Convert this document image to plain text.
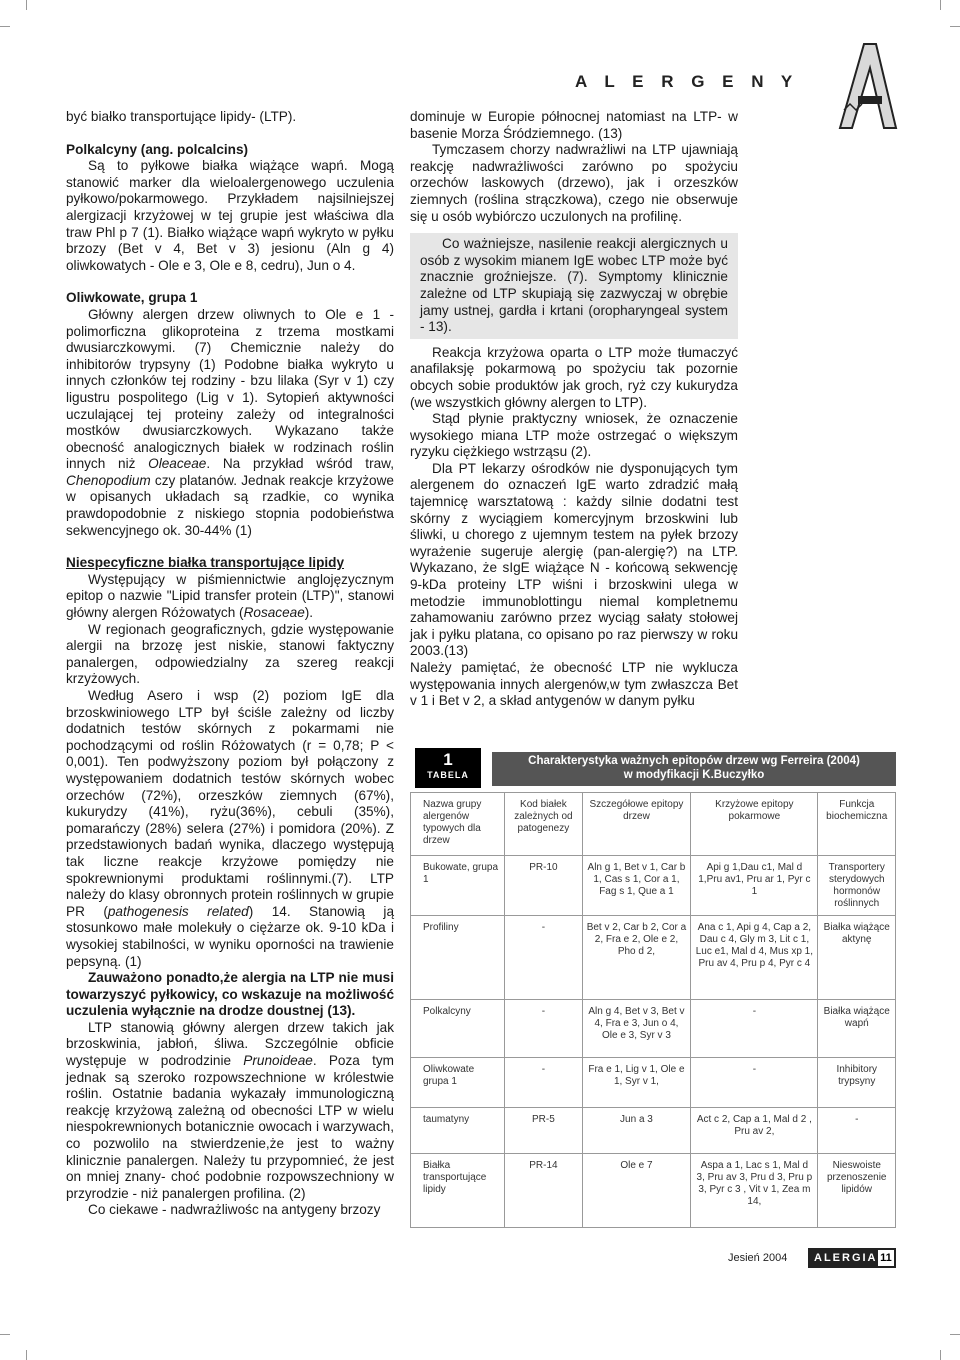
A L E R G E N Y

być białko transportujące lipidy- (LTP).

Polkalcyny (ang. polcalcins)

Są to pyłkowe białka wiążące wapń. Mogą stanowić marker dla wieloalergenowego uczulenia pyłkowo/pokarmowego. Przykładem najsilniejszej alergizacji krzyżowej w tej grupie jest właściwa dla traw Phl p 7 (1). Białko wiążące wapń wykryto w pyłku brzozy (Bet v 4, Bet v 3) jesionu (Aln g 4) oliwkowatych - Ole e 3, Ole e 8, cedru), Jun o 4.

Oliwkowate, grupa 1

Główny alergen drzew oliwnych to Ole e 1 - polimorficzna glikoproteina z trzema mostkami dwusiarczkowymi. (7) Chemicznie należy do inhibitorów trypsyny (1) Podobne białka wykryto u innych członków tej rodziny - bzu lilaka (Syr v 1) czy ligustru pospolitego (Lig v 1). Sytopień aktywności uczulającej tej proteiny zależy od integralności mostków dwusiarczkowych. Wykazano także obecność analogicznych białek w rodzinach roślin innych niż Oleaceae. Na przykład wśród traw, Chenopodium czy platanów. Jednak reakcje krzyżowe w opisanych układach są rzadkie, co wynika prawdopodobnie z niskiego stopnia podobieństwa sekwencyjnego ok. 30-44% (1)

Niespecyficzne białka transportujące lipidy

Występujący w piśmiennictwie anglojęzycznym epitop o nazwie "Lipid transfer protein (LTP)", stanowi główny alergen Różowatych (Rosaceae).

W regionach geograficznych, gdzie występowanie alergii na brzozę jest niskie, stanowi faktyczny panalergen, odpowiedzialny za szereg reakcji krzyżowych.

Według Asero i wsp (2) poziom IgE dla brzoskwiniowego LTP był ściśle zależny od liczby dodatnich testów skórnych z pokarmami nie pochodzącymi od roślin Różowatych (r = 0,78; P < 0,001). Ten podwyższony poziom był połączony z występowaniem dodatnich testów skórnych wobec orzechów (72%), orzeszków ziemnych (67%), kukurydzy (41%), ryżu(36%), cebuli (35%), pomarańczy (28%) selera (27%) i pomidora (20%). Z przedstawionych badań wynika, dlaczego występują tak liczne reakcje krzyżowe pomiędzy nie spokrewnionymi produktami roślinnymi.(7). LTP należy do klasy obronnych protein roślinnych w grupie PR (pathogenesis related) 14. Stanowią ją stosunkowo małe molekuły o ciężarze ok. 9-10 kDa i wysokiej stabilności, w wyniku oporności na trawienie pepsyną. (1)

Zauważono ponadto,że alergia na LTP nie musi towarzyszyć pyłkowicy, co wskazuje na możliwość uczulenia wyłącznie na drodze doustnej (13).

LTP stanowią główny alergen drzew takich jak brzoskwinia, jabłoń, śliwa. Szczególnie obficie występuje w podrodzinie Prunoideae. Poza tym jednak są szeroko rozpowszechnione w królestwie roślin. Ostatnie badania wykazały immunologiczną reakcję krzyżową zależną od obecności LTP w wielu niespokrewnionych botanicznie owocach i warzywach, co pozwolilo na stwierdzenie,że jest to ważny klinicznie panalergen. Należy tu przypomnieć, że jest on mniej znany- choć podobnie rozpowszechniony w przyrodzie - niż panalergen profilina. (2)

Co ciekawe - nadwrażliwośc na antygeny brzozy

dominuje w Europie północnej natomiast na LTP- w basenie Morza Śródziemnego. (13)

Tymczasem chorzy nadwrażliwi na LTP ujawniają reakcję nadwrażliwości zarówno po spożyciu orzechów laskowych (drzewo), jak i orzeszków ziemnych (roślina strączkowa), czego nie obserwuje się u osób wybiórczo uczulonych na profilinę.

Co ważniejsze, nasilenie reakcji alergicznych u osób z wysokim mianem IgE wobec LTP może być znacznie groźniejsze. (7). Symptomy klinicznie zależne od LTP skupiają się zazwyczaj w obrębie jamy ustnej, gardła i krtani (oropharyngeal system - 13).

Reakcja krzyżowa oparta o LTP może tłumaczyć anafilaksję pokarmową po spożyciu tak pozornie obcych sobie produktów jak groch, ryż czy kukurydza (we wszystkich główny alergen to LTP).

Stąd płynie praktyczny wniosek, że oznaczenie wysokiego miana LTP może ostrzegać o większym ryzyku ciężkiego wstrząsu (2).

Dla PT lekarzy ośrodków nie dysponujących tym alergenem do oznaczeń IgE warto zdradzić małą tajemnicę warsztatową : każdy silnie dodatni test skórny z wyciągiem komercyjnym brzoskwini lub śliwki, u chorego z ujemnym testem na pyłek brzozy wyrażenie sugeruje alergię (pan-alergię?) na LTP. Wykazano, że sIgE wiążące N - końcową sekwencję 9-kDa proteiny LTP wiśni i brzoskwini ulega w metodzie immunoblottingu niemal kompletnemu zahamowaniu zarówno przez wyciąg sałaty stołowej jak i pyłku platana, co opisano po raz pierwszy w roku 2003.(13)

Należy pamiętać, że obecność LTP nie wyklucza występowania innych alergenów,w tym zwłaszcza Bet v 1 i Bet v 2, a skład antygenów w danym pyłku

1
TABELA
Charakterystyka ważnych epitopów drzew wg Ferreira (2004)
w modyfikacji K.Buczyłko
Nazwa grupy alergenów typowych dla drzew	Kod białek zależnych od patogenezy	Szczegółowe epitopy drzew	Krzyżowe epitopy pokarmowe	Funkcja biochemiczna
Bukowate, grupa 1	PR-10	Aln g 1, Bet v 1, Car b 1, Cas s 1, Cor a 1, Fag s 1, Que a 1	Api g 1,Dau c1, Mal d 1,Pru av1, Pru ar 1, Pyr c 1	Transportery sterydowych hormonów roślinnych
Profiliny	-	Bet v 2, Car b 2, Cor a 2, Fra e 2, Ole e 2, Pho d 2,	Ana c 1, Api g 4, Cap a 2, Dau c 4, Gly m 3, Lit c 1, Luc e1, Mal d 4, Mus xp 1, Pru av 4, Pru p 4, Pyr c 4	Białka wiążące aktynę
Polkalcyny	-	Aln g 4, Bet v 3, Bet v 4, Fra e 3, Jun o 4, Ole e 3, Syr v 3	-	Białka wiążące wapń
Oliwkowate grupa 1	-	Fra e 1, Lig v 1, Ole e 1, Syr v 1,	-	Inhibitory trypsyny
taumatyny	PR-5	Jun a 3	Act c 2, Cap a 1, Mal d 2 , Pru av 2,	-
Białka transportujące lipidy	PR-14	Ole e 7	Aspa a 1, Lac s 1, Mal d 3, Pru av 3, Pru d 3, Pru p 3, Pyr c 3 , Vit v 1, Zea m 14,	Nieswoiste przenoszenie lipidów
Jesień 2004 ALERGIA 11
